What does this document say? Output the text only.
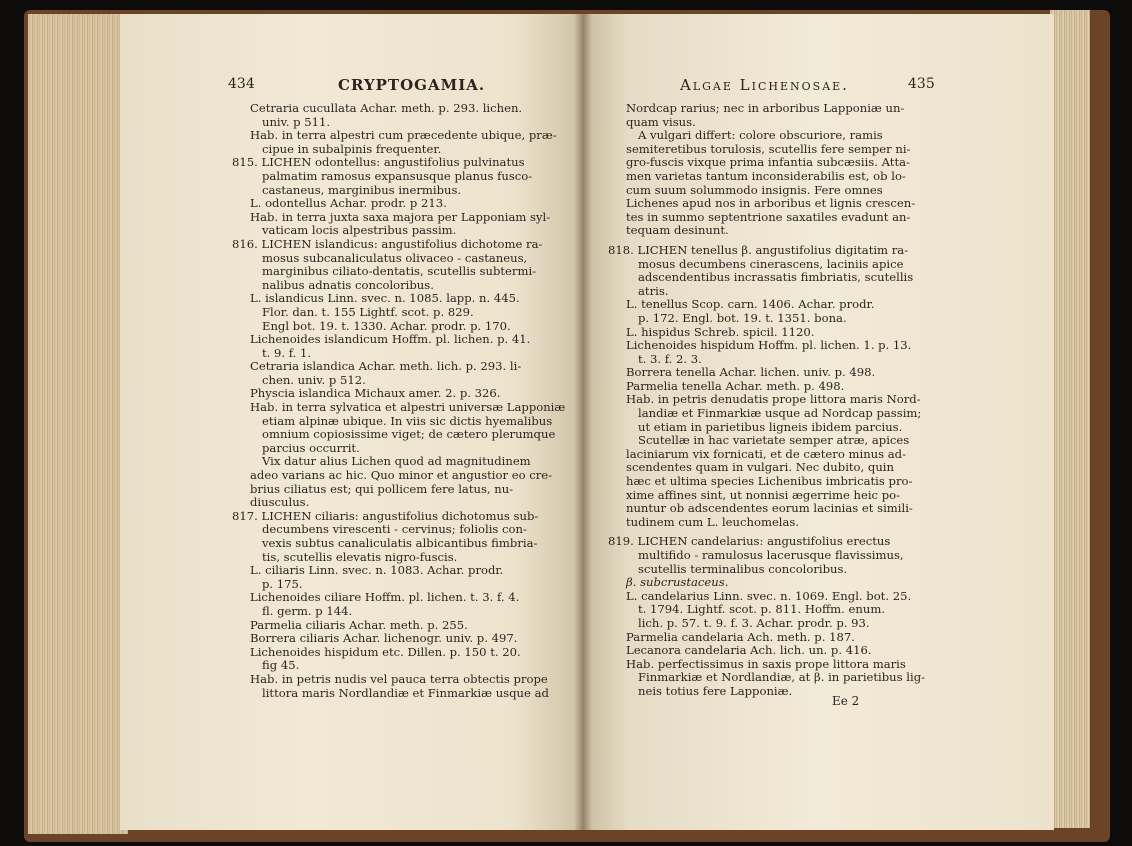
434	CRYPTOGAMIA.	Algae Lichenosae.	435
Cetraria cucullata Achar. meth. p. 293. lichen.
univ. p 511.
Hab. in terra alpestri cum præcedente ubique, præ-
cipue in subalpinis frequenter.
815. LICHEN odontellus: angustifolius pulvinatus
palmatim ramosus expansusque planus fusco-
castaneus, marginibus inermibus.
L. odontellus Achar. prodr. p 213.
Hab. in terra juxta saxa majora per Lapponiam syl-
vaticam locis alpestribus passim.
816. LICHEN islandicus: angustifolius dichotome ra-
mosus subcanaliculatus olivaceo - castaneus,
marginibus ciliato-dentatis, scutellis subtermi-
nalibus adnatis concoloribus.
L. islandicus Linn. svec. n. 1085. lapp. n. 445.
Flor. dan. t. 155 Lightf. scot. p. 829.
Engl bot. 19. t. 1330. Achar. prodr. p. 170.
Lichenoides islandicum Hoffm. pl. lichen. p. 41.
t. 9. f. 1.
Cetraria islandica Achar. meth. lich. p. 293. li-
chen. univ. p 512.
Physcia islandica Michaux amer. 2. p. 326.
Hab. in terra sylvatica et alpestri universæ Lapponiæ
etiam alpinæ ubique. In viis sic dictis hyemalibus
omnium copiosissime viget; de cætero plerumque
parcius occurrit.
Vix datur alius Lichen quod ad magnitudinem
adeo varians ac hic. Quo minor et angustior eo cre-
brius ciliatus est; qui pollicem fere latus, nu-
diusculus.
817. LICHEN ciliaris: angustifolius dichotomus sub-
decumbens virescenti - cervinus; foliolis con-
vexis subtus canaliculatis albicantibus fimbria-
tis, scutellis elevatis nigro-fuscis.
L. ciliaris Linn. svec. n. 1083. Achar. prodr.
p. 175.
Lichenoides ciliare Hoffm. pl. lichen. t. 3. f. 4.
fl. germ. p 144.
Parmelia ciliaris Achar. meth. p. 255.
Borrera ciliaris Achar. lichenogr. univ. p. 497.
Lichenoides hispidum etc. Dillen. p. 150 t. 20.
fig 45.
Hab. in petris nudis vel pauca terra obtectis prope
littora maris Nordlandiæ et Finmarkiæ usque ad
Nordcap rarius; nec in arboribus Lapponiæ un-
quam visus.
A vulgari differt: colore obscuriore, ramis
semiteretibus torulosis, scutellis fere semper ni-
gro-fuscis vixque prima infantia subcæsiis. Atta-
men varietas tantum inconsiderabilis est, ob lo-
cum suum solummodo insignis. Fere omnes
Lichenes apud nos in arboribus et lignis crescen-
tes in summo septentrione saxatiles evadunt an-
tequam desinunt.
818. LICHEN tenellus β. angustifolius digitatim ra-
mosus decumbens cinerascens, laciniis apice
adscendentibus incrassatis fimbriatis, scutellis
atris.
L. tenellus Scop. carn. 1406. Achar. prodr.
p. 172. Engl. bot. 19. t. 1351. bona.
L. hispidus Schreb. spicil. 1120.
Lichenoides hispidum Hoffm. pl. lichen. 1. p. 13.
t. 3. f. 2. 3.
Borrera tenella Achar. lichen. univ. p. 498.
Parmelia tenella Achar. meth. p. 498.
Hab. in petris denudatis prope littora maris Nord-
landiæ et Finmarkiæ usque ad Nordcap passim;
ut etiam in parietibus ligneis ibidem parcius.
Scutellæ in hac varietate semper atræ, apices
laciniarum vix fornicati, et de cætero minus ad-
scendentes quam in vulgari. Nec dubito, quin
hæc et ultima species Lichenibus imbricatis pro-
xime affines sint, ut nonnisi ægerrime heic po-
nuntur ob adscendentes eorum lacinias et simili-
tudinem cum L. leuchomelas.
819. LICHEN candelarius: angustifolius erectus
multifido - ramulosus lacerusque flavissimus,
scutellis terminalibus concoloribus.
β. subcrustaceus.
L. candelarius Linn. svec. n. 1069. Engl. bot. 25.
t. 1794. Lightf. scot. p. 811. Hoffm. enum.
lich. p. 57. t. 9. f. 3. Achar. prodr. p. 93.
Parmelia candelaria Ach. meth. p. 187.
Lecanora candelaria Ach. lich. un. p. 416.
Hab. perfectissimus in saxis prope littora maris
Finmarkiæ et Nordlandiæ, at β. in parietibus lig-
neis totius fere Lapponiæ.
Ee 2
